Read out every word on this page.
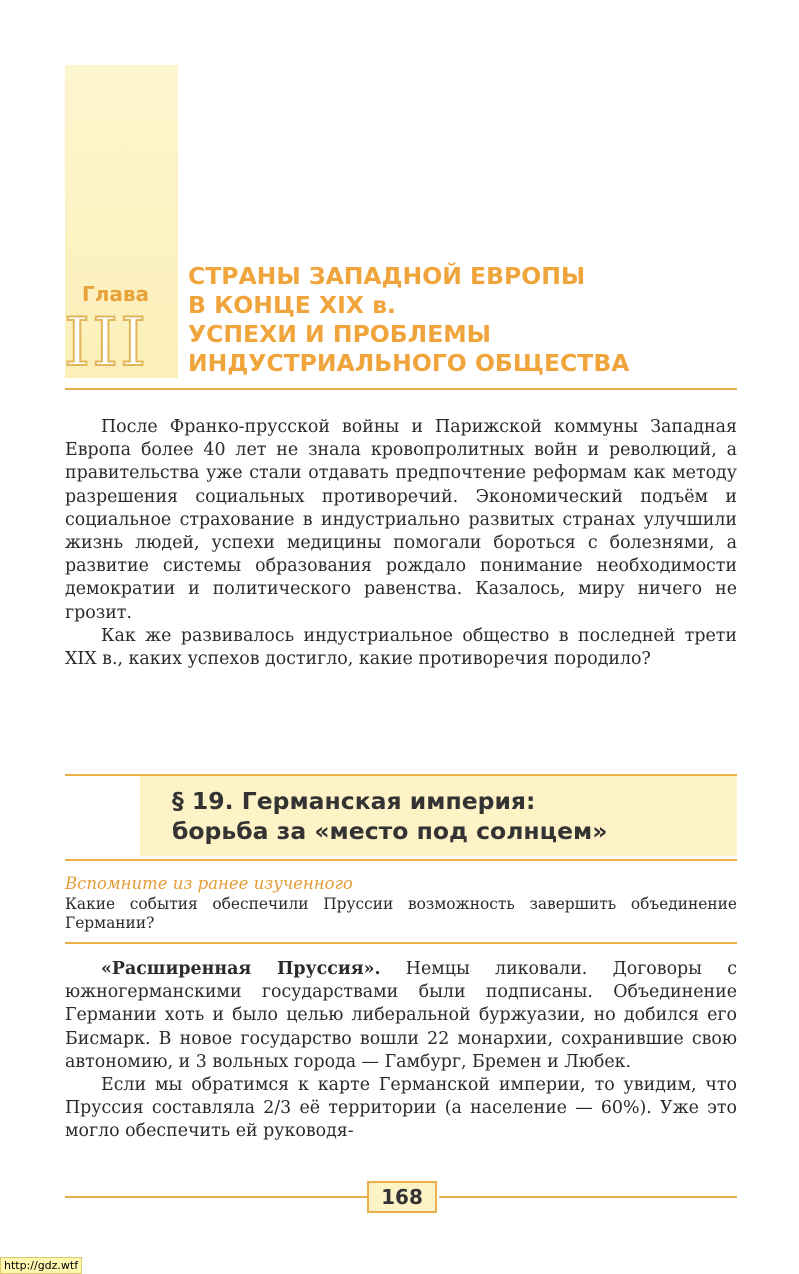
Глава
III
СТРАНЫ ЗАПАДНОЙ ЕВРОПЫ
В КОНЦЕ XIX в.
УСПЕХИ И ПРОБЛЕМЫ
ИНДУСТРИАЛЬНОГО ОБЩЕСТВА

После Франко-прусской войны и Парижской коммуны Западная Европа более 40 лет не знала кровопролитных войн и революций, а правительства уже стали отдавать предпочтение реформам как методу разрешения социальных противоречий. Экономический подъём и социальное страхование в индустриально развитых странах улучшили жизнь людей, успехи медицины помогали бороться с болезнями, а развитие системы образования рождало понимание необходимости демократии и политического равенства. Казалось, миру ничего не грозит.

Как же развивалось индустриальное общество в последней трети XIX в., каких успехов достигло, какие противоречия породило?

§ 19. Германская империя:
борьба за «место под солнцем»
Вспомните из ранее изученного
Какие события обеспечили Пруссии возможность завершить объединение Германии?

«Расширенная Пруссия». Немцы ликовали. Договоры с южногерманскими государствами были подписаны. Объединение Германии хоть и было целью либеральной буржуазии, но добился его Бисмарк. В новое государство вошли 22 монархии, сохранившие свою автономию, и 3 вольных города — Гамбург, Бремен и Любек.

Если мы обратимся к карте Германской империи, то увидим, что Пруссия составляла 2/3 её территории (а население — 60%). Уже это могло обеспечить ей руководя-

168
http://gdz.wtf
